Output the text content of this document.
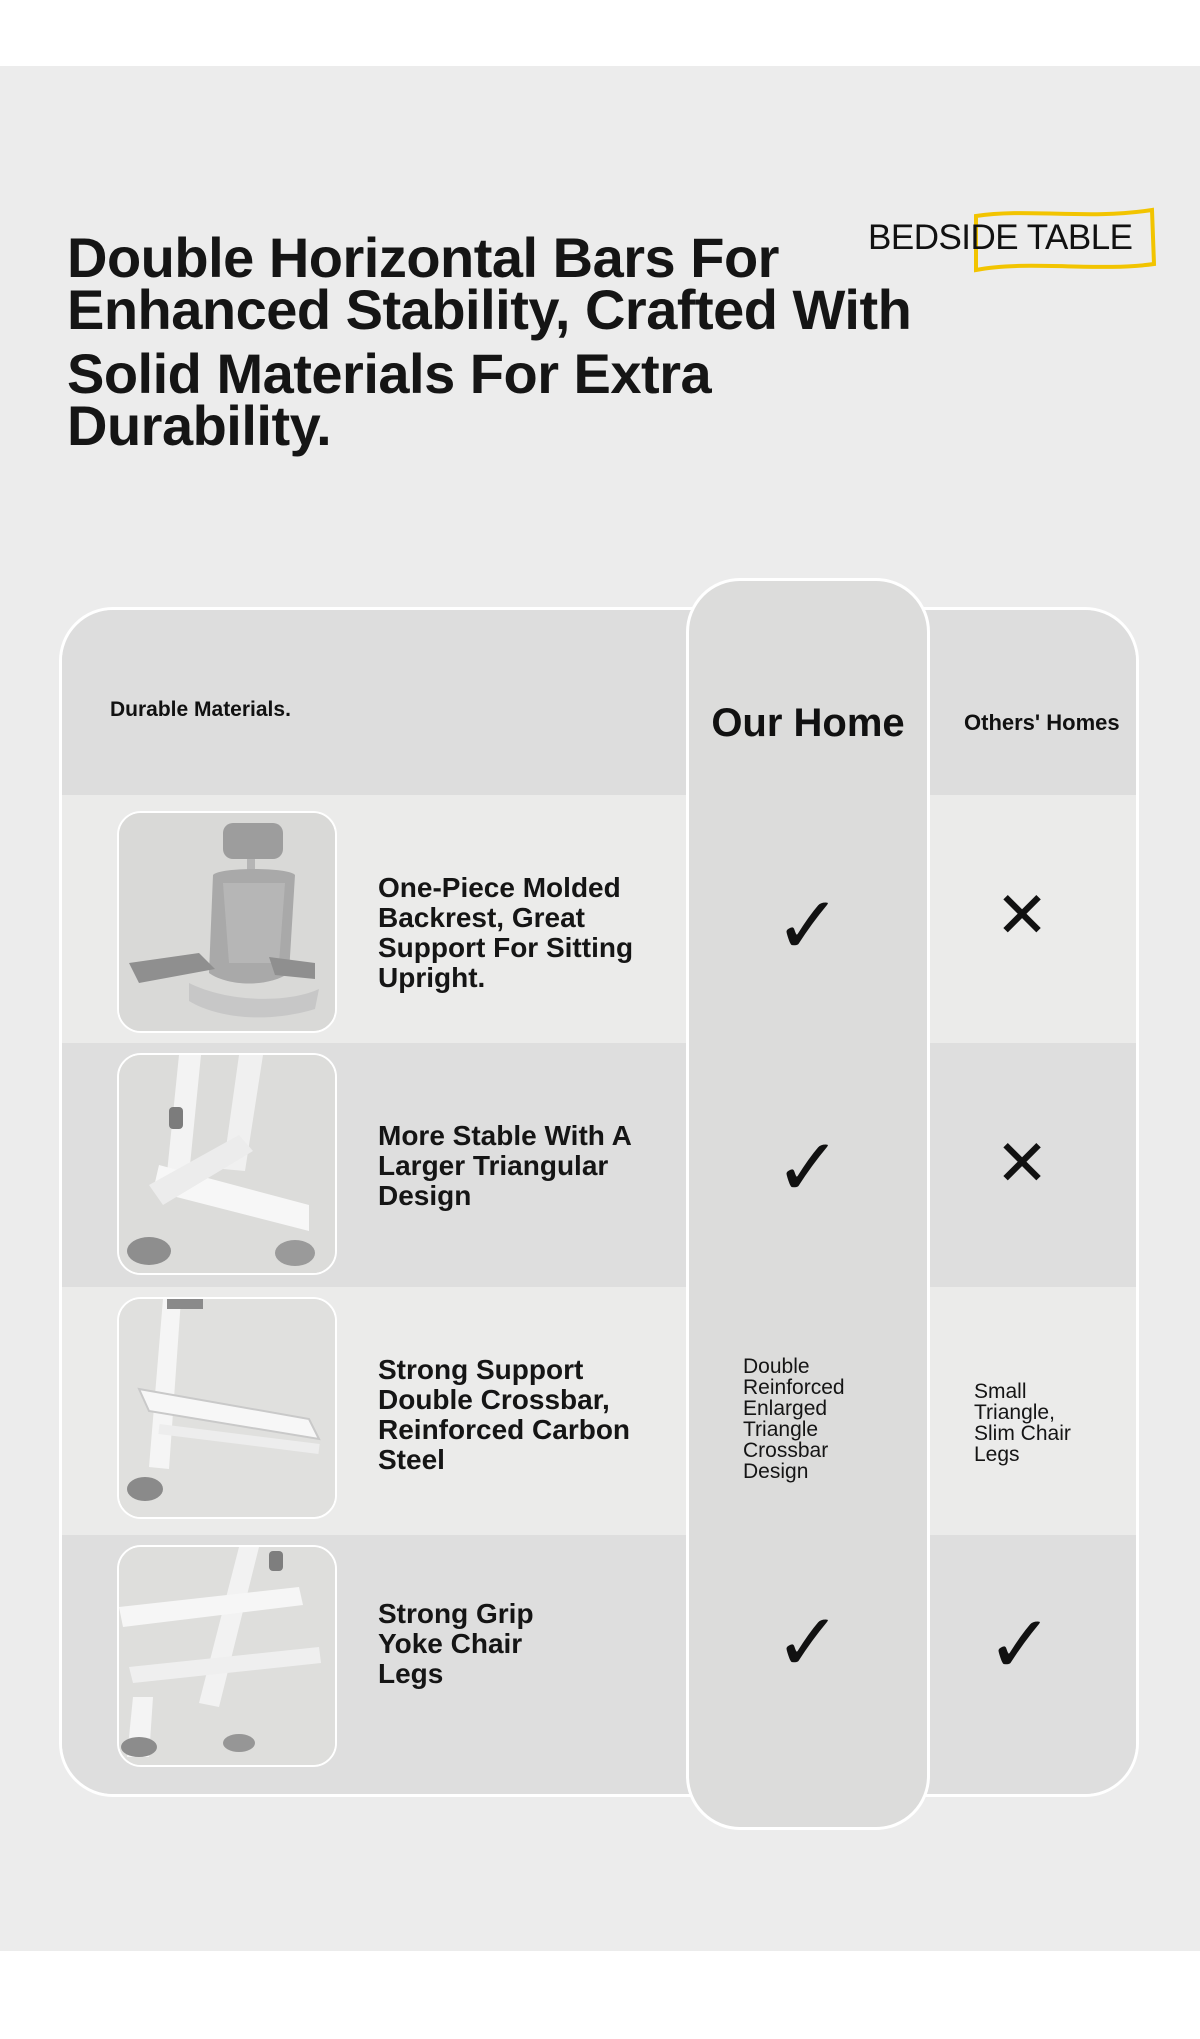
Double Horizontal Bars For
Enhanced Stability, Crafted With
Solid Materials For Extra
Durability.
BEDSIDE TABLE
Durable Materials.
Others' Homes
One-Piece Molded Backrest, Great Support For Sitting Upright.
✕
More Stable With A Larger Triangular Design	✕
Strong Support Double Crossbar, Reinforced Carbon Steel
Small Triangle, Slim Chair Legs
Strong Grip Yoke Chair Legs	✓
Our Home
✓
✓
Double Reinforced Enlarged Triangle Crossbar Design
✓
